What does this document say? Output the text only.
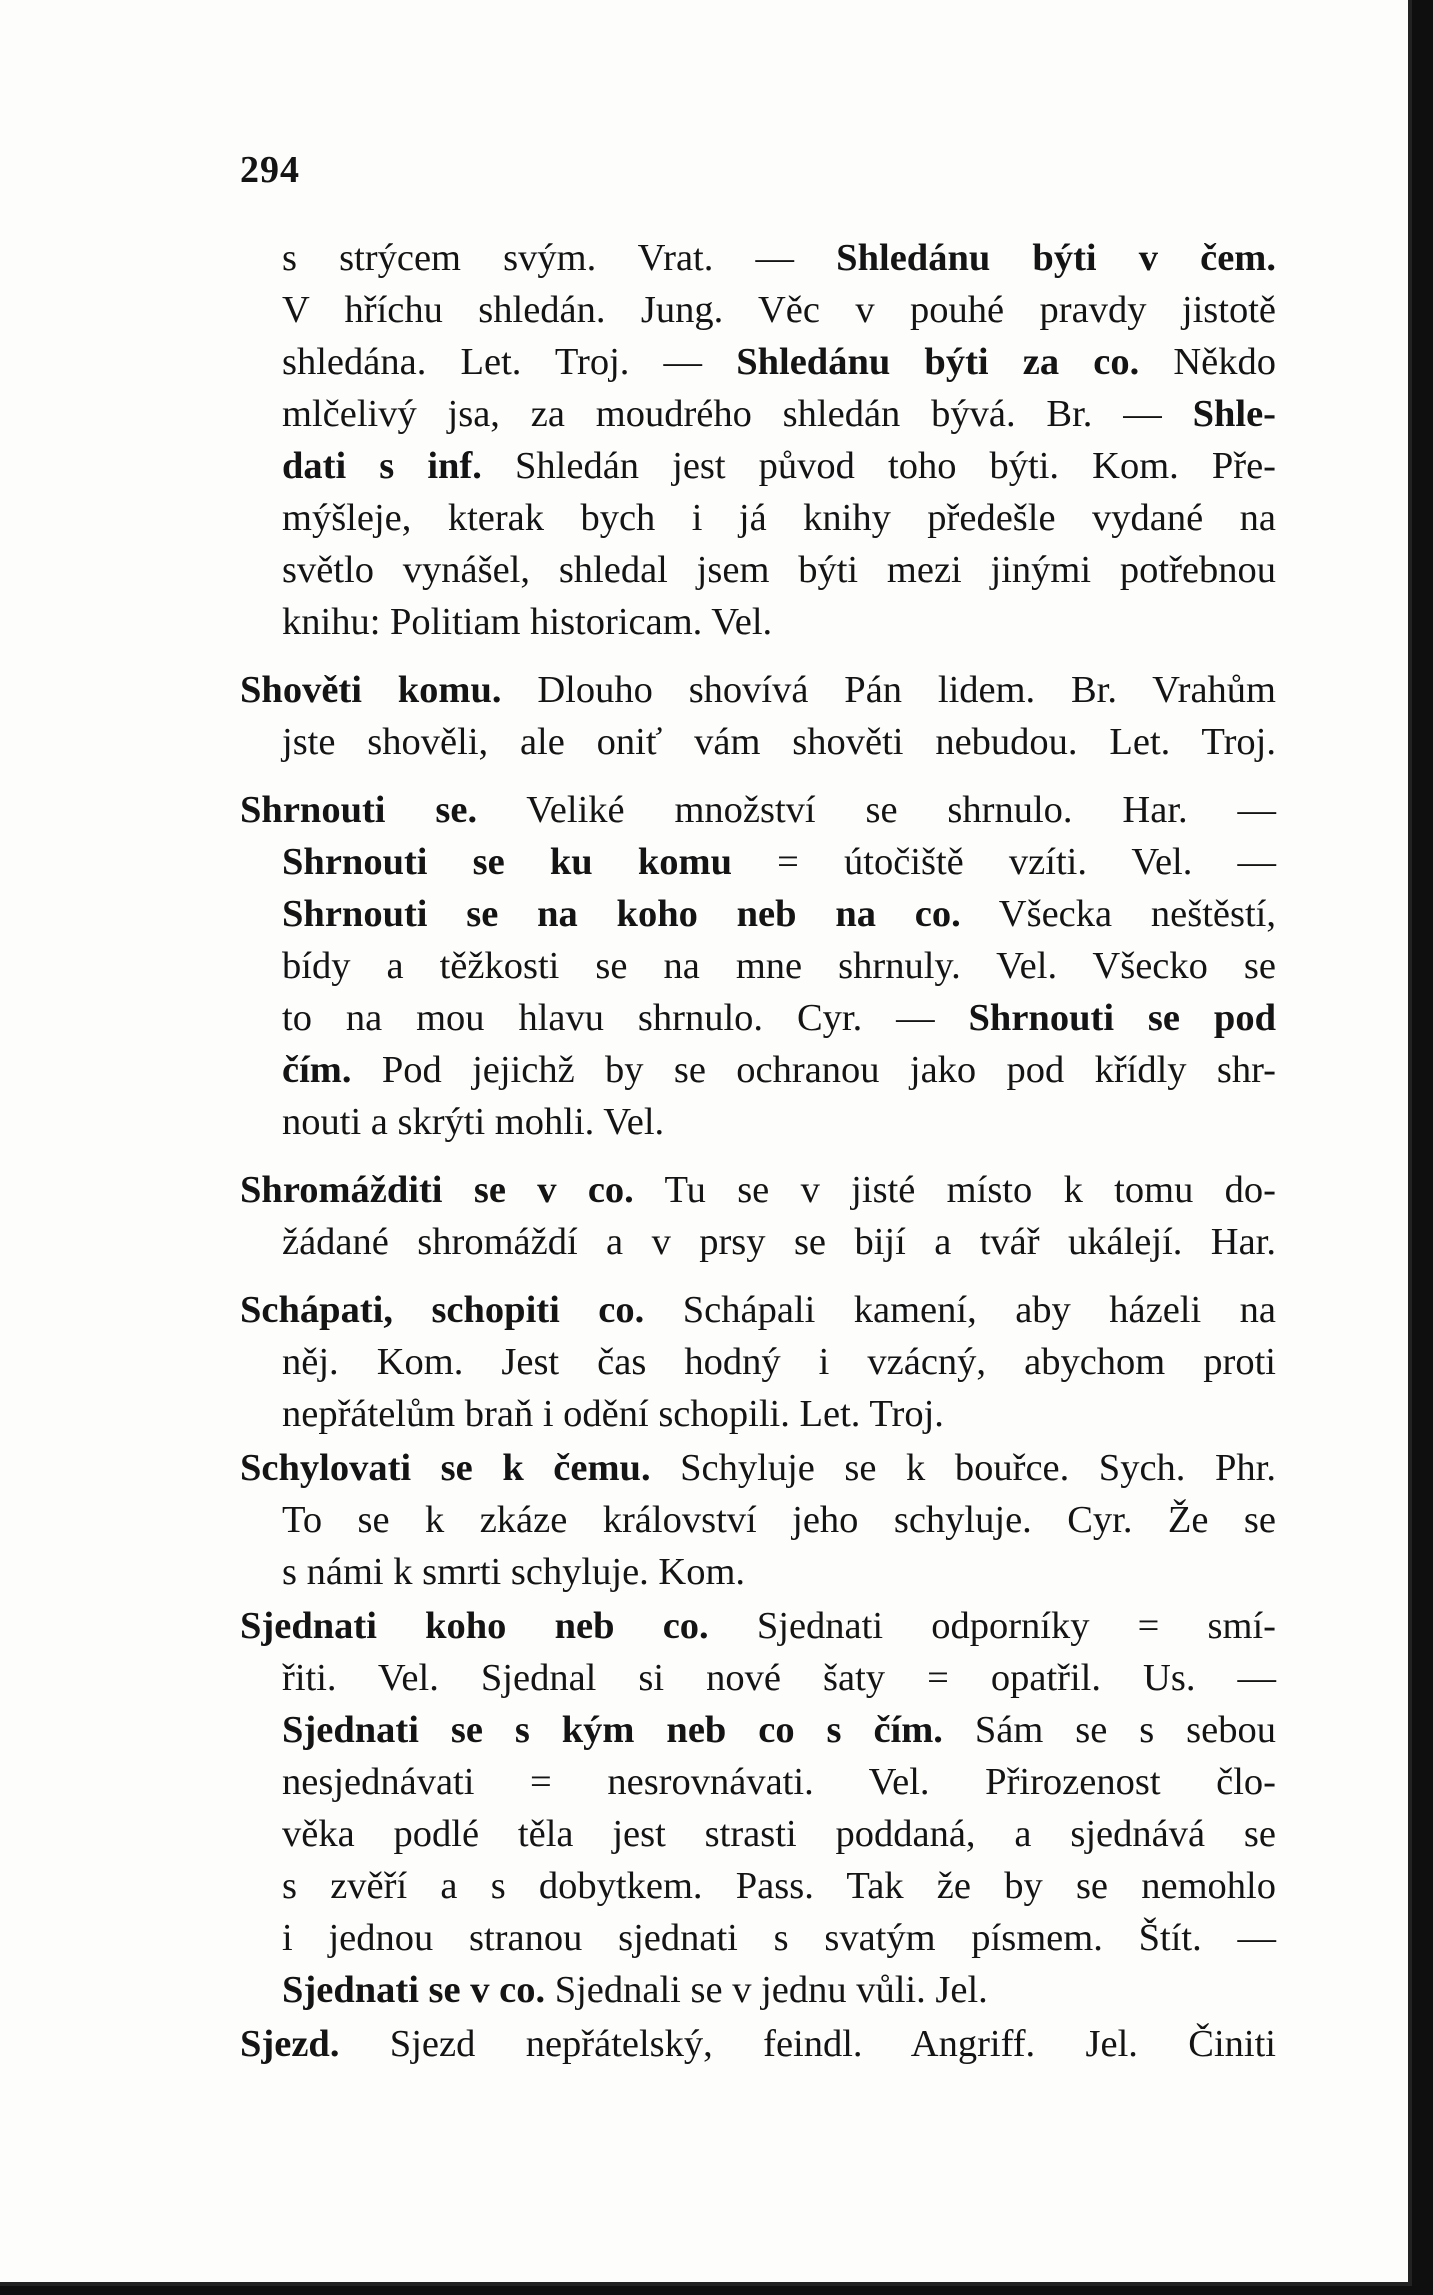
294
s strýcem svým. Vrat. — Shledánu býti v čem.
V hříchu shledán. Jung. Věc v pouhé pravdy jistotě
shledána. Let. Troj. — Shledánu býti za co. Někdo
mlčelivý jsa, za moudrého shledán bývá. Br. — Shle-
dati s inf. Shledán jest původ toho býti. Kom. Pře-
mýšleje, kterak bych i já knihy předešle vydané na
světlo vynášel, shledal jsem býti mezi jinými potřebnou
knihu: Politiam historicam. Vel.
Shověti komu. Dlouho shovívá Pán lidem. Br. Vrahům
jste shověli, ale oniť vám shověti nebudou. Let. Troj.
Shrnouti se. Veliké množství se shrnulo. Har. —
Shrnouti se ku komu = útočiště vzíti. Vel. —
Shrnouti se na koho neb na co. Všecka neštěstí,
bídy a těžkosti se na mne shrnuly. Vel. Všecko se
to na mou hlavu shrnulo. Cyr. — Shrnouti se pod
čím. Pod jejichž by se ochranou jako pod křídly shr-
nouti a skrýti mohli. Vel.
Shromážditi se v co. Tu se v jisté místo k tomu do-
žádané shromáždí a v prsy se bijí a tvář ukálejí. Har.
Schápati, schopiti co. Schápali kamení, aby házeli na
něj. Kom. Jest čas hodný i vzácný, abychom proti
nepřátelům braň i odění schopili. Let. Troj.
Schylovati se k čemu. Schyluje se k bouřce. Sych. Phr.
To se k zkáze království jeho schyluje. Cyr. Že se
s námi k smrti schyluje. Kom.
Sjednati koho neb co. Sjednati odporníky = smí-
řiti. Vel. Sjednal si nové šaty = opatřil. Us. —
Sjednati se s kým neb co s čím. Sám se s sebou
nesjednávati = nesrovnávati. Vel. Přirozenost člo-
věka podlé těla jest strasti poddaná, a sjednává se
s zvěří a s dobytkem. Pass. Tak že by se nemohlo
i jednou stranou sjednati s svatým písmem. Štít. —
Sjednati se v co. Sjednali se v jednu vůli. Jel.
Sjezd. Sjezd nepřátelský, feindl. Angriff. Jel. Činiti
